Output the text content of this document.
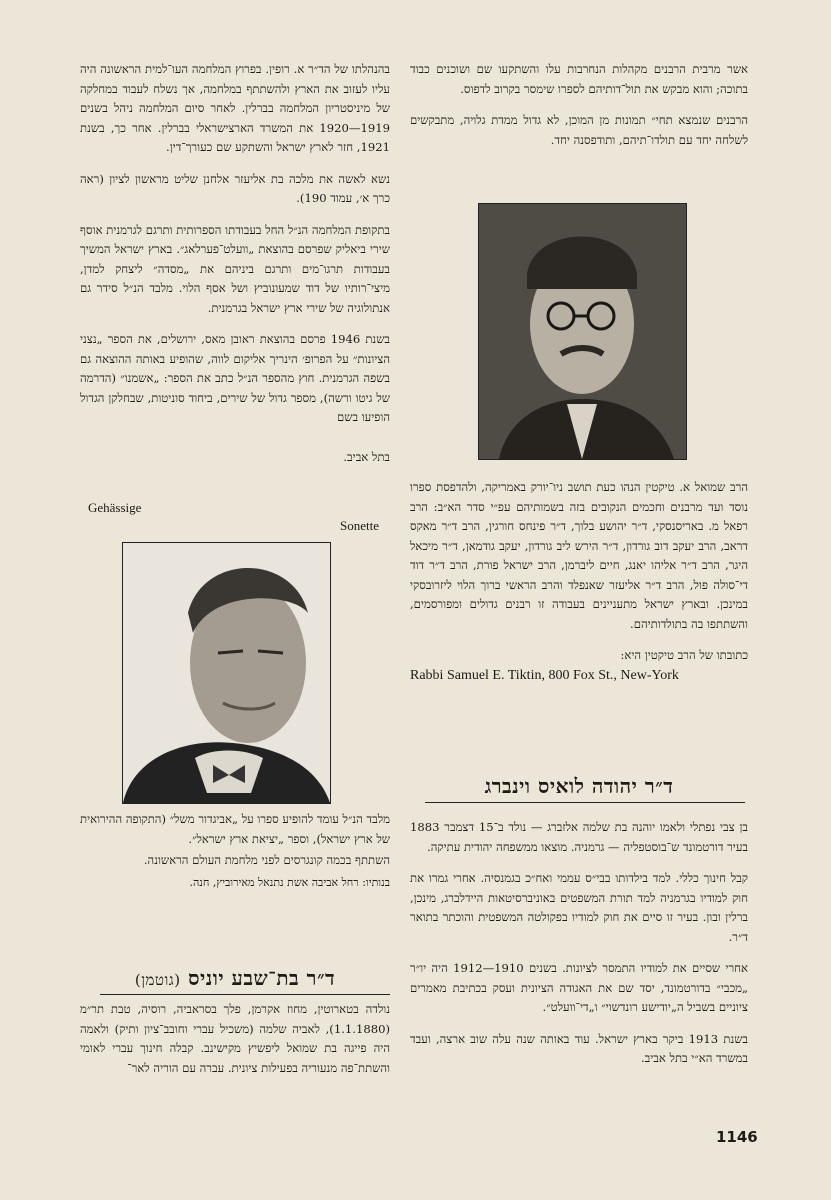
אשר מרבית הרבנים מקהלות הנחרבות עלו והשתקעו שם ושוכנים כבוד בתוכה; והוא מבקש את תול־דותיהם לספרו שימסר בקרוב לדפוס.

הרבנים שנמצא תחי״ תמונות מן המוכן, לא גדול ממדת גלויה, מתבקשים לשלחה יחד עם תולדו־תיהם, ותודפסנה יחד.

הרב שמואל א. טיקטין הנהו כעת תושב ניו־יורק באמריקה, ולהדפסת ספרו נוסד ועד מרבנים וחכמים הנקובים בזה בשמותיהם עפ״י סדר הא״ב: הרב רפאל מ. באריסנסקי, ד״ר יהושע בלוך, ד״ר פינחס חורגין, הרב ד״ר מאקס דראב, הרב יעקב דוב גורדון, ד״ר הירש ליב גורדון, יעקב גודמאן, ד״ר מיכאל היגר, הרב ד״ר אליהו יאנג, חיים ליברמן, הרב ישראל פורת, הרב ד״ר דוד די־סולה פול, הרב ד״ר אליעזר שאנפלד והרב הראשי ברוך הלוי ליזרובסקי במינכן. ובארץ ישראל מתעניינים בעבודה זו רבנים גדולים ומפורסמים, והשתתפו בה בתולדותיהם.

כתובתו של הרב טיקטין היא:

Rabbi Samuel E. Tiktin, 800 Fox St., New-York
ד״ר יהודה לואיס וינברג

בן צבי נפתלי ולאמו יוהנה בת שלמה אלזברג — נולד ב־15 דצמבר 1883 בעיר דורטמונד ש־בוסטפליה — גרמניה. מוצאו ממשפחה יהודית עתיקה.

קבל חינוך כללי. למד בילדותו בבי״ס עממי ואח״כ בגמנסיה. אחרי גמרו את חוק למודיו בגרמניה למד תורת המשפטים באוניברסיטאות היידלברג, מינכן, ברלין ובון. בעיר זו סיים את חוק למודיו בפקולטה המשפטית והוכתר בתואר ד״ר.

אחרי שסיים את למודיו התמסר לציונות. בשנים 1910—1912 היה יו״ר „מכבי״ בדורטמונד, יסד שם את האגודה הציונית ועסק בכתיבת מאמרים ציוניים בשביל ה„יודישע רונדשוי״ ו„די־וועלט״.

בשנת 1913 ביקר בארץ ישראל. עוד באותה שנה עלה שוב ארצה, ועבד במשרד הא״י בתל אביב.

בהנהלתו של הד״ר א. רופין. בפרוץ המלחמה העו־למית הראשונה היה עליו לעזוב את הארץ ולהשתתף במלחמה, אך נשלח לעבוד במחלקה של מיניסטריון המלחמה בברלין. לאחר סיום המלחמה ניהל בשנים 1919—1920 את המשרד הארצישראלי בברלין. אחר כך, בשנת 1921, חזר לארץ ישראל והשתקע שם כעורך־דין.

נשא לאשה את מלכה בת אליעזר אלחנן שליט מראשון לציון (ראה כרך א׳, עמוד 190).

בתקופת המלחמה הנ״ל החל בעבודתו הספרותית ותרגם לגרמנית אוסף שירי ביאליק שפרסם בהוצאת „וועלט־פערלאג״. בארץ ישראל המשיך בעבודות תרגו־מים ותרגם ביניהם את „מסדה״ ליצחק למדן, מיצי־רותיו של דוד שמעונוביץ ושל אסף הלוי. מלבד הנ״ל סידר גם אנתולוגיה של שירי ארץ ישראל בגרמנית.

בשנת 1946 פרסם בהוצאת ראובן מאס, ירושלים, את הספר „נצני הציונות״ על הפרופ׳ הינריך אליקום לווה, שהופיע באותה ההוצאה גם בשפה הגרמנית. חוץ מהספר הנ״ל כתב את הספר: „אשמנו״ (הדרמה של גיטו ורשה), מספר גדול של שירים, ביחוד סוניטות, שבחלקן הגדול הופיעו בשם

בתל אביב.

Gehässige
Sonette

מלבד הנ״ל עומד להופיע ספרו על „אביגדור משל״ (התקופה ההירואית של ארץ ישראל), וספר „יציאת ארץ ישראל״.

השתתף בכמה קונגרסים לפני מלחמת העולם הראשונה.

בנותיו: רחל אביבה אשת נתנאל מאירוביץ, חנה.

ד״ר בת־שבע יוניס (גוטמן)

נולדה בטארוטין, מחוז אקרמן, פלך בסראביה, רוסיה, טבת תר״מ (1.1.1880), לאביה שלמה (משכיל עברי וחובב־ציון ותיק) ולאמה היה פייגה בת שמואל ליפשיץ מקישינב. קבלה חינוך עברי לאומי והשתת־פה מנעוריה בפעילות ציונית. עברה עם הוריה לאר־

1146
